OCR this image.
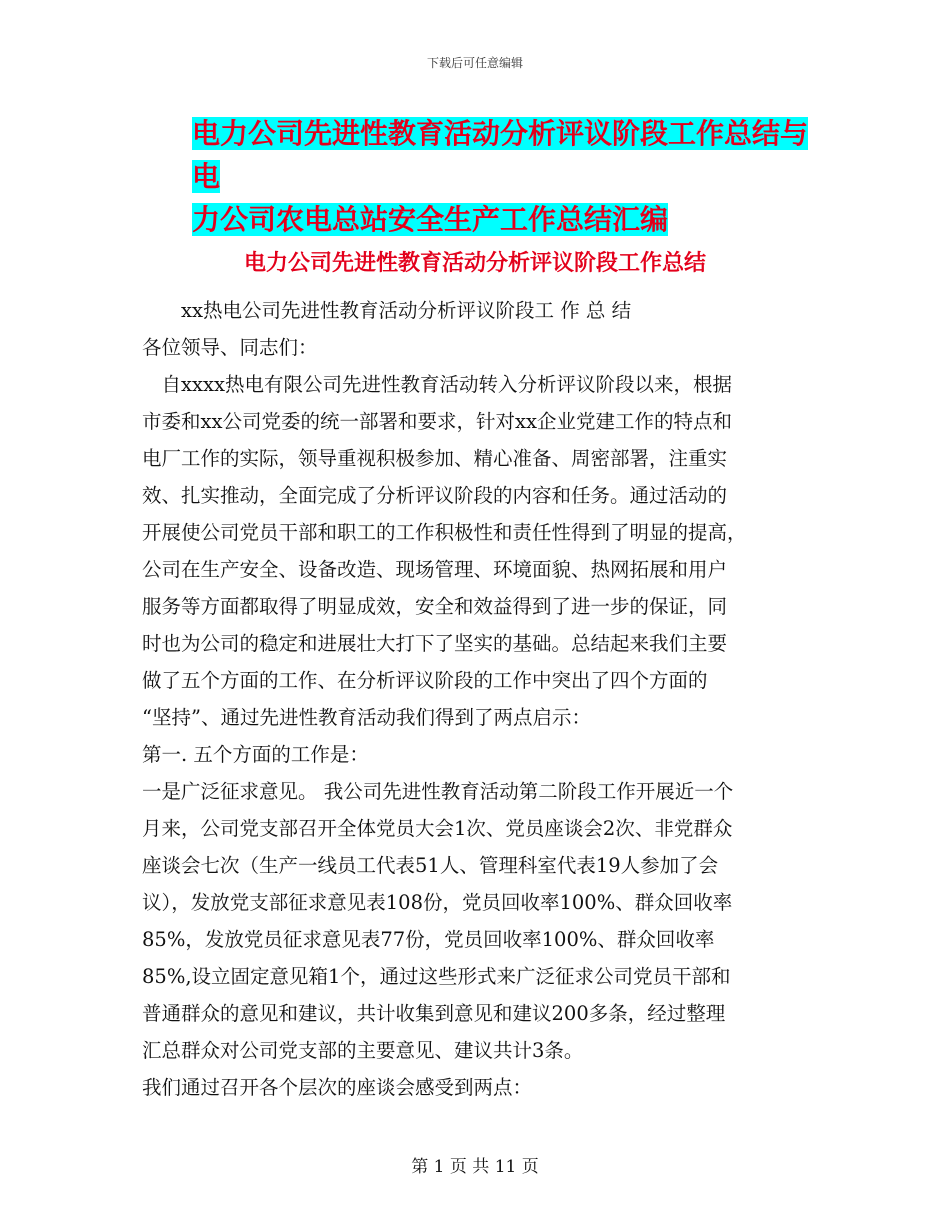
下载后可任意编辑
电力公司先进性教育活动分析评议阶段工作总结与电
力公司农电总站安全生产工作总结汇编
电力公司先进性教育活动分析评议阶段工作总结

　　xx热电公司先进性教育活动分析评议阶段工 作 总 结

各位领导、同志们：

　自xxxx热电有限公司先进性教育活动转入分析评议阶段以来，根据

市委和xx公司党委的统一部署和要求，针对xx企业党建工作的特点和

电厂工作的实际，领导重视积极参加、精心准备、周密部署，注重实

效、扎实推动，全面完成了分析评议阶段的内容和任务。通过活动的

开展使公司党员干部和职工的工作积极性和责任性得到了明显的提高，

公司在生产安全、设备改造、现场管理、环境面貌、热网拓展和用户

服务等方面都取得了明显成效，安全和效益得到了进一步的保证，同

时也为公司的稳定和进展壮大打下了坚实的基础。总结起来我们主要

做了五个方面的工作、在分析评议阶段的工作中突出了四个方面的

“坚持”、通过先进性教育活动我们得到了两点启示：

第一. 五个方面的工作是：

一是广泛征求意见。 我公司先进性教育活动第二阶段工作开展近一个

月来，公司党支部召开全体党员大会1次、党员座谈会2次、非党群众

座谈会七次（生产一线员工代表51人、管理科室代表19人参加了会

议），发放党支部征求意见表108份，党员回收率100%、群众回收率

85%，发放党员征求意见表77份，党员回收率100%、群众回收率

85%,设立固定意见箱1个，通过这些形式来广泛征求公司党员干部和

普通群众的意见和建议，共计收集到意见和建议200多条，经过整理

汇总群众对公司党支部的主要意见、建议共计3条。

我们通过召开各个层次的座谈会感受到两点：

第 1 页 共 11 页
